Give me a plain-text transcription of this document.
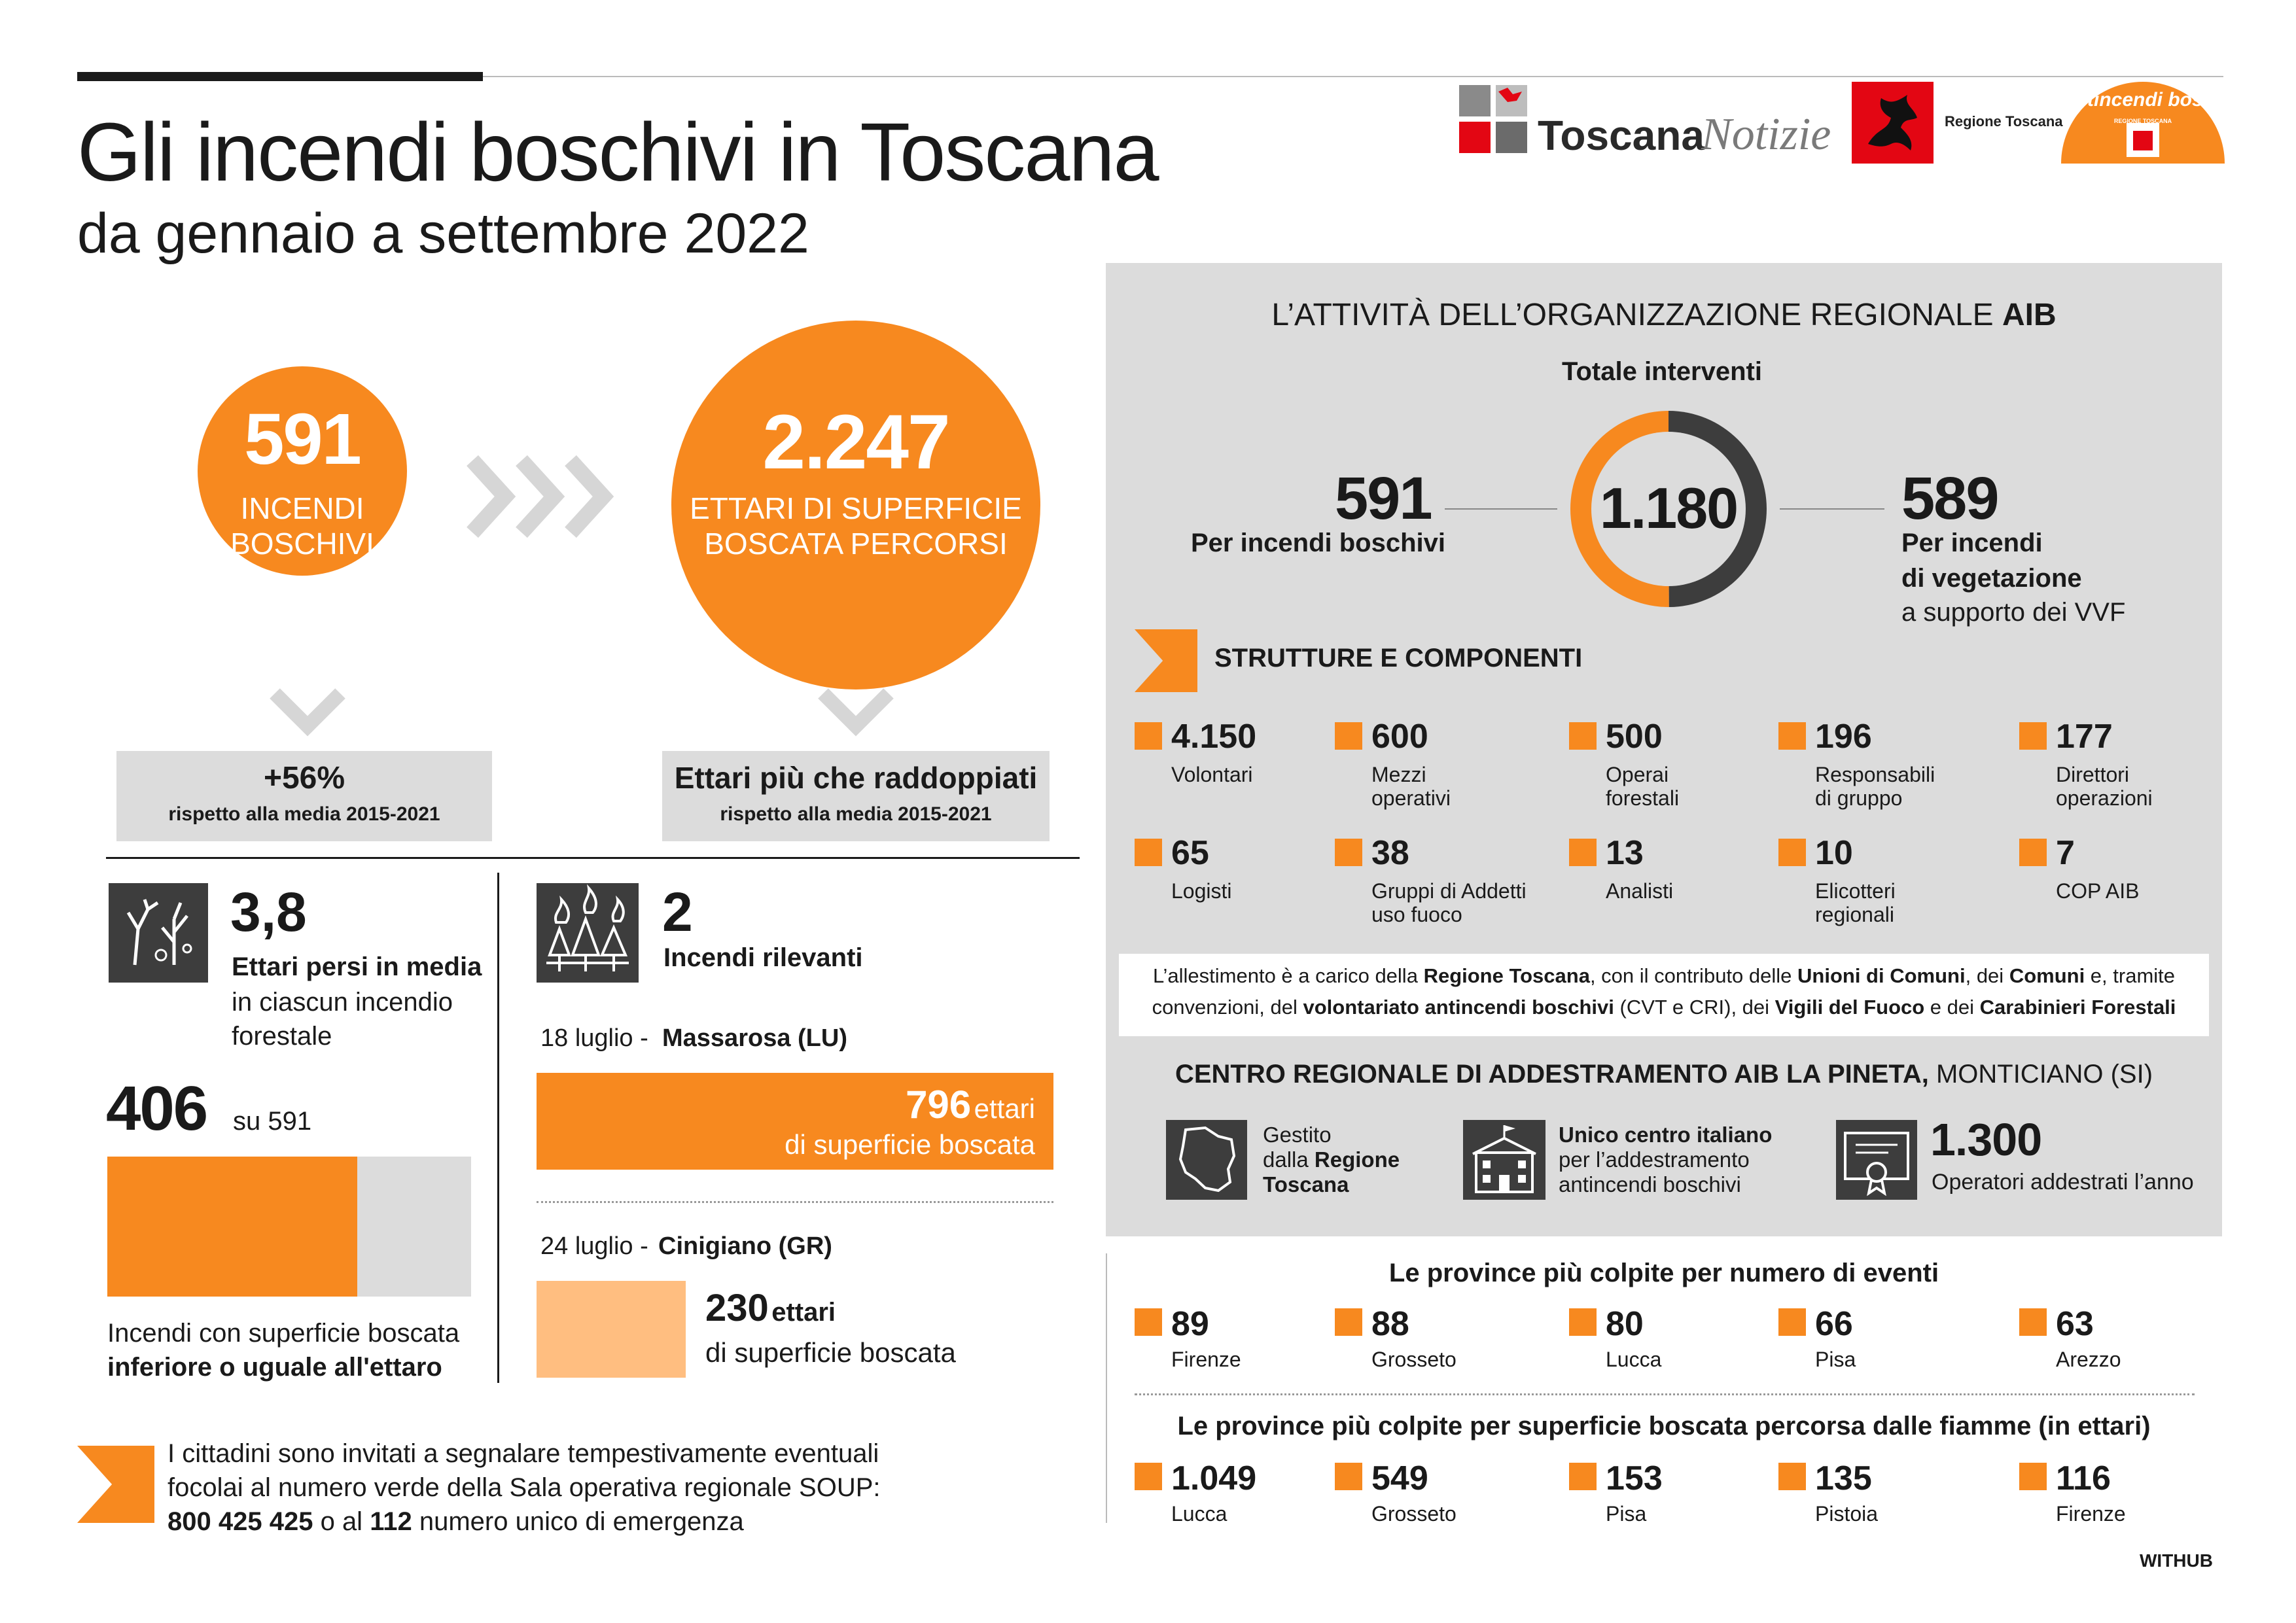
Gli incendi boschivi in Toscana
da gennaio a settembre 2022
Toscana
Notizie	Regione Toscana
Antincendi boschivi
REGIONE TOSCANA
591
INCENDI
BOSCHIVI
2.247
ETTARI DI SUPERFICIE
BOSCATA PERCORSI
+56%
rispetto alla media 2015-2021
Ettari più che raddoppiati
rispetto alla media 2015-2021
3,8
Ettari persi in media
in ciascun incendio
forestale
406 su 591
Incendi con superficie boscata
inferiore o uguale all'ettaro
2
Incendi rilevanti
18 luglio - Massarosa (LU)
796 ettari
di superficie boscata
24 luglio - Cinigiano (GR)
230 ettari
di superficie boscata
I cittadini sono invitati a segnalare tempestivamente eventuali
focolai al numero verde della Sala operativa regionale SOUP:
800 425 425 o al 112 numero unico di emergenza
L’ATTIVITÀ DELL’ORGANIZZAZIONE REGIONALE AIB
Totale interventi
1.180
591
Per incendi boschivi
589
Per incendi
di vegetazione
a supporto dei VVF
STRUTTURE E COMPONENTI
4.150
Volontari
600
Mezzi
operativi
500
Operai
forestali
196
Responsabili
di gruppo
177
Direttori
operazioni
65
Logisti
38
Gruppi di Addetti
uso fuoco
13
Analisti
10
Elicotteri
regionali
7
COP AIB
L’allestimento è a carico della Regione Toscana, con il contributo delle Unioni di Comuni, dei Comuni e, tramite
convenzioni, del volontariato antincendi boschivi (CVT e CRI), dei Vigili del Fuoco e dei Carabinieri Forestali
CENTRO REGIONALE DI ADDESTRAMENTO AIB LA PINETA, MONTICIANO (SI)
Gestito
dalla Regione
Toscana
Unico centro italiano
per l’addestramento
antincendi boschivi
1.300
Operatori addestrati l’anno
Le province più colpite per numero di eventi
89
Firenze
88
Grosseto
80
Lucca
66
Pisa
63
Arezzo
Le province più colpite per superficie boscata percorsa dalle fiamme (in ettari)
1.049
Lucca
549
Grosseto
153
Pisa
135
Pistoia
116
Firenze
WITHUB
